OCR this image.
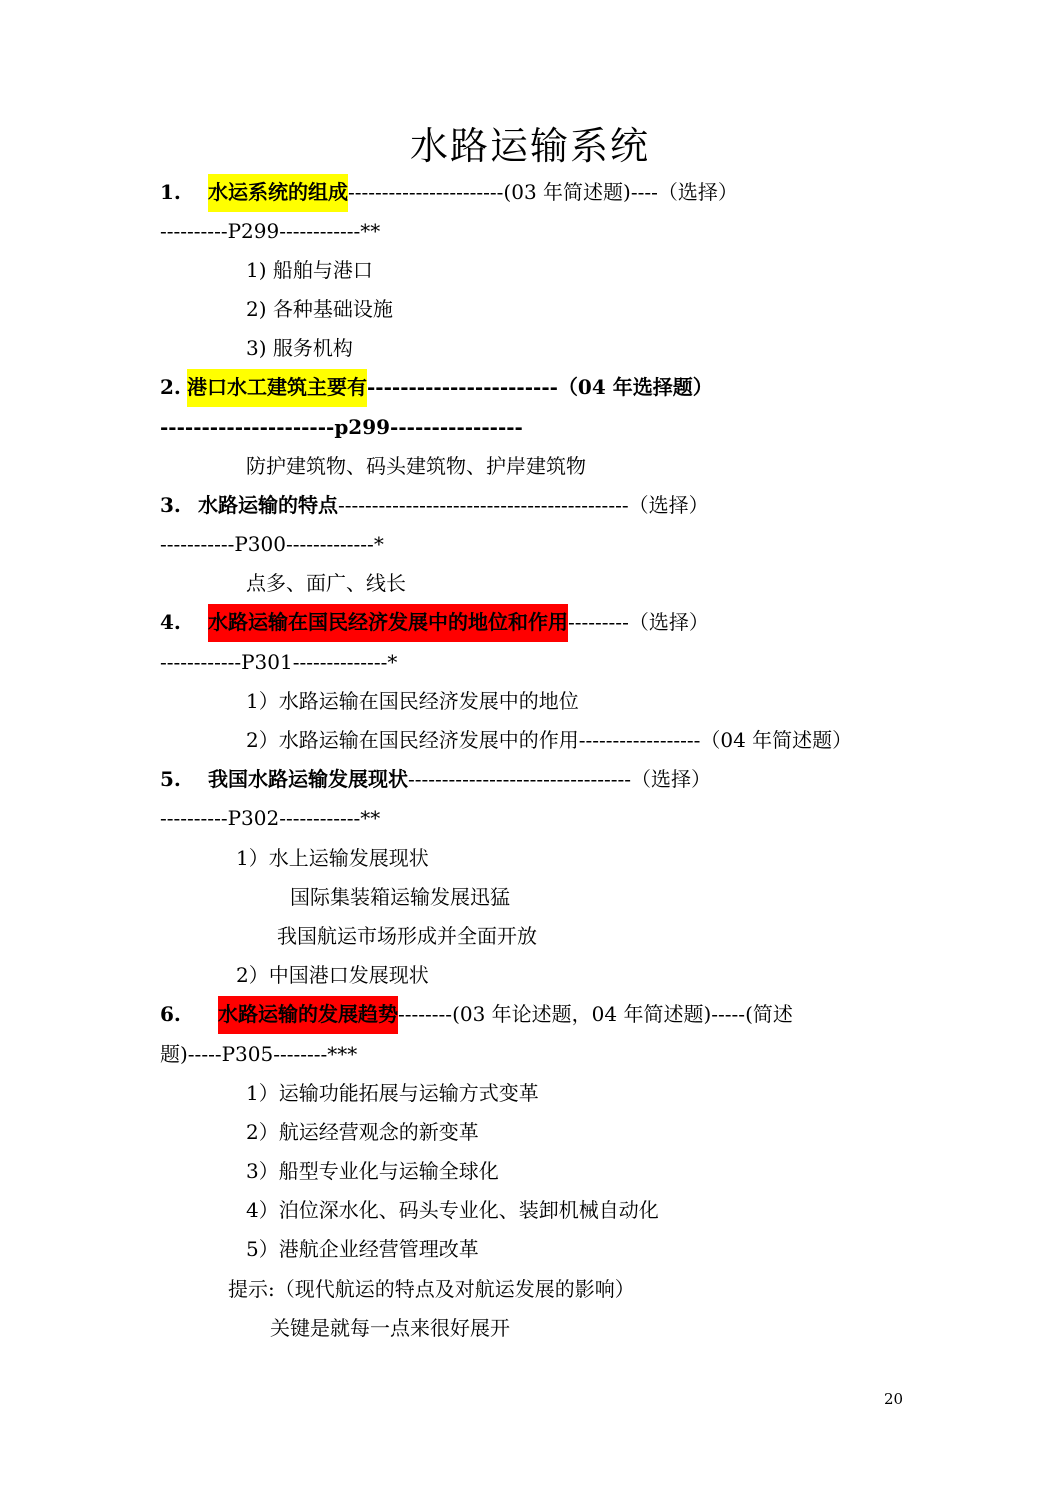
水路运输系统
1. 水运系统的组成-----------------------(03 年简述题)----（选择）
----------P299------------**
1) 船舶与港口
2) 各种基础设施
3) 服务机构
2. 港口水工建筑主要有-----------------------（04 年选择题）
---------------------p299----------------
防护建筑物、码头建筑物、护岸建筑物
3. 水路运输的特点-------------------------------------------（选择）
-----------P300-------------*
点多、面广、线长
4. 水路运输在国民经济发展中的地位和作用---------（选择）
------------P301--------------*
1）水路运输在国民经济发展中的地位
2）水路运输在国民经济发展中的作用------------------（04 年简述题）
5. 我国水路运输发展现状---------------------------------（选择）
----------P302------------**
1）水上运输发展现状
国际集装箱运输发展迅猛
我国航运市场形成并全面开放
2）中国港口发展现状
6. 水路运输的发展趋势--------(03 年论述题，04 年简述题)-----(简述
题)-----P305--------***
1）运输功能拓展与运输方式变革
2）航运经营观念的新变革
3）船型专业化与运输全球化
4）泊位深水化、码头专业化、装卸机械自动化
5）港航企业经营管理改革
提示:（现代航运的特点及对航运发展的影响）
关键是就每一点来很好展开
20
